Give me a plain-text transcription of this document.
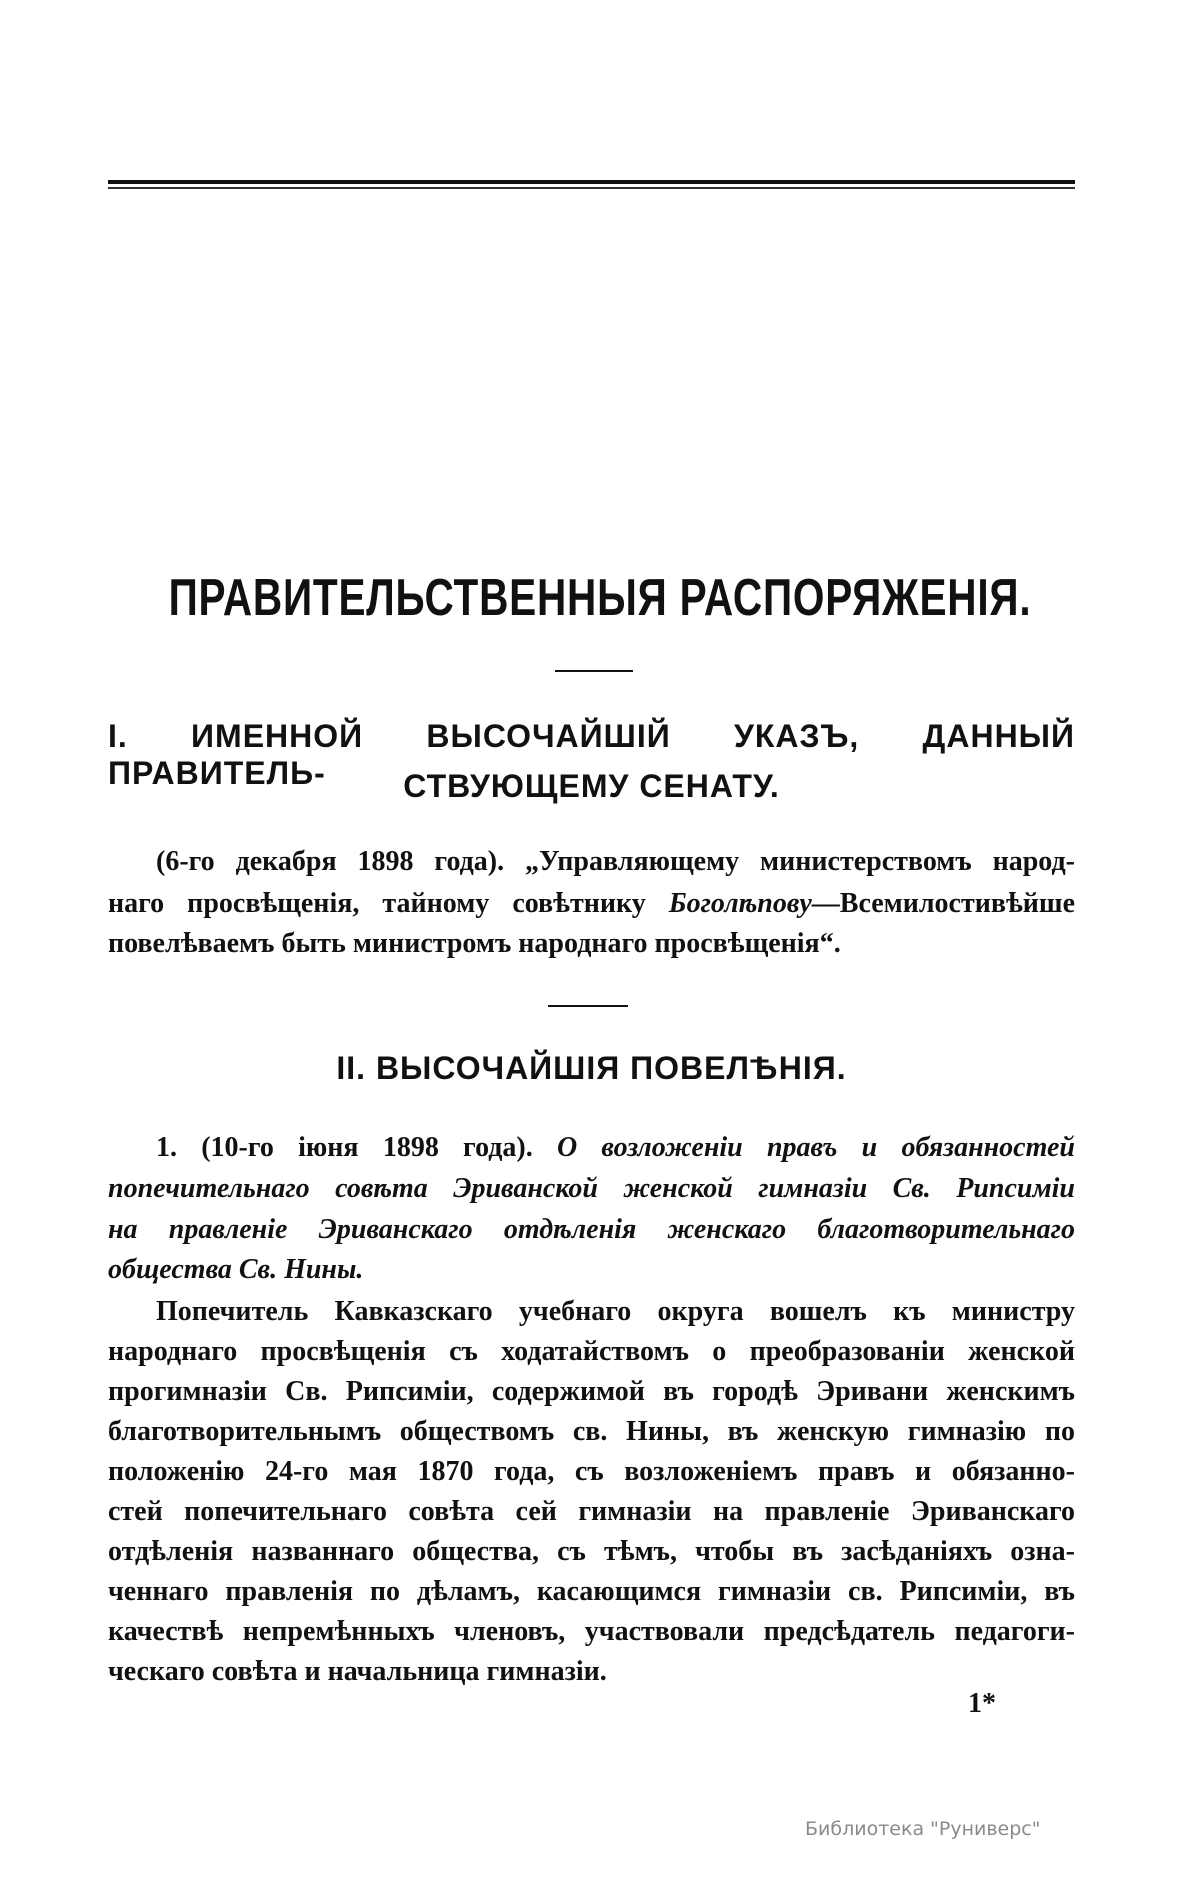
ПРАВИТЕЛЬСТВЕННЫЯ РАСПОРЯЖЕНІЯ.
I. ИМЕННОЙ ВЫСОЧАЙШІЙ УКАЗЪ, ДАННЫЙ ПРАВИТЕЛЬ-	СТВУЮЩЕМУ СЕНАТУ.
(6-го декабря 1898 года). „Управляющему министерствомъ народ-
наго просвѣщенія, тайному совѣтнику Боголѣпову—Всемилостивѣйше
повелѣваемъ быть министромъ народнаго просвѣщенія“.
II. ВЫСОЧАЙШІЯ ПОВЕЛѢНІЯ.
1. (10-го іюня 1898 года). О возложеніи правъ и обязанностей
попечительнаго совѣта Эриванской женской гимназіи Св. Рипсиміи
на правленіе Эриванскаго отдѣленія женскаго благотворительнаго
общества Св. Нины.
Попечитель Кавказскаго учебнаго округа вошелъ къ министру
народнаго просвѣщенія съ ходатайствомъ о преобразованіи женской
прогимназіи Св. Рипсиміи, содержимой въ городѣ Эривани женскимъ
благотворительнымъ обществомъ св. Нины, въ женскую гимназію по
положенію 24-го мая 1870 года, съ возложеніемъ правъ и обязанно-
стей попечительнаго совѣта сей гимназіи на правленіе Эриванскаго
отдѣленія названнаго общества, съ тѣмъ, чтобы въ засѣданіяхъ озна-
ченнаго правленія по дѣламъ, касающимся гимназіи св. Рипсиміи, въ
качествѣ непремѣнныхъ членовъ, участвовали предсѣдатель педагоги-
ческаго совѣта и начальница гимназіи.
1*
Библиотека "Руниверс"
